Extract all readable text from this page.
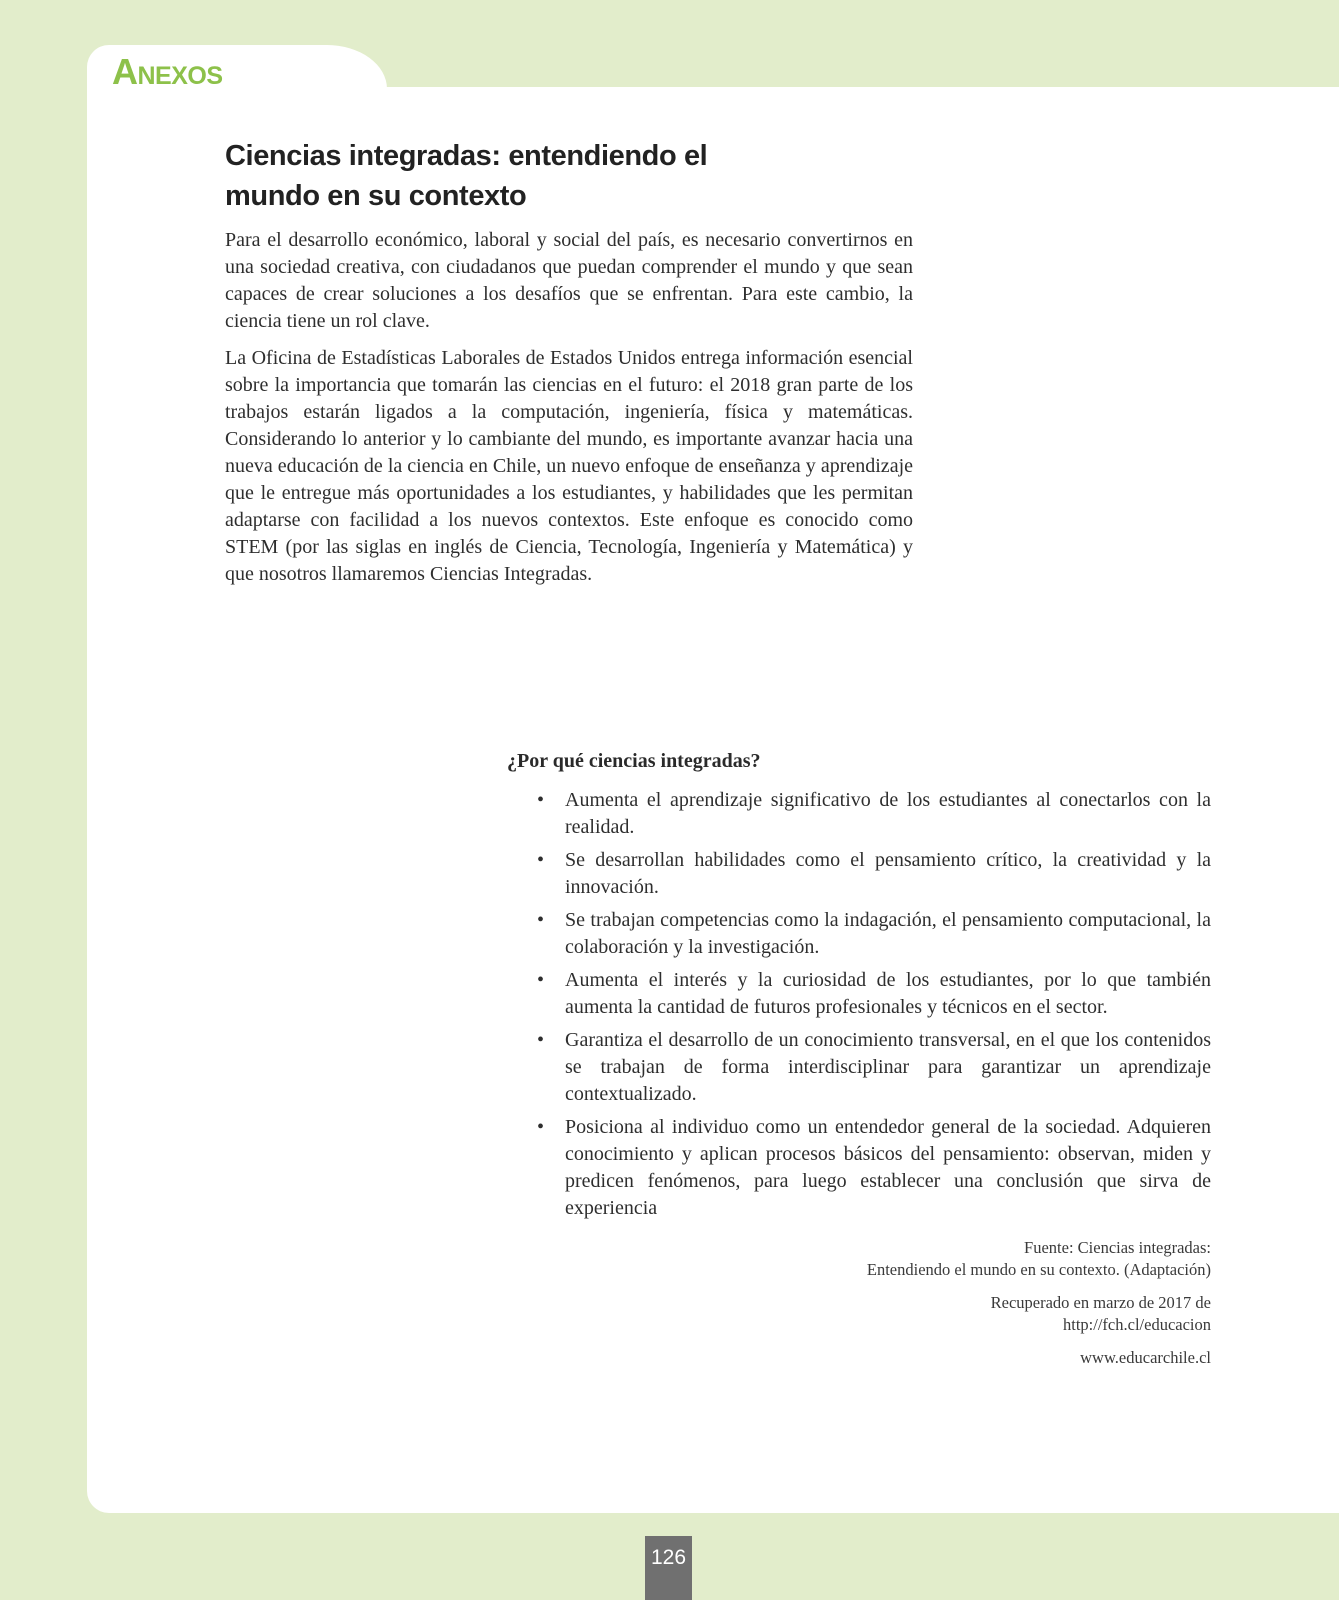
Anexos
Ciencias integradas: entendiendo el
mundo en su contexto

Para el desarrollo económico, laboral y social del país, es necesario convertirnos en una sociedad creativa, con ciudadanos que puedan comprender el mundo y que sean capaces de crear soluciones a los desafíos que se enfrentan. Para este cambio, la ciencia tiene un rol clave.

La Oficina de Estadísticas Laborales de Estados Unidos entrega información esencial sobre la importancia que tomarán las ciencias en el futuro: el 2018 gran parte de los trabajos estarán ligados a la computación, ingeniería, física y matemáticas. Considerando lo anterior y lo cambiante del mundo, es importante avanzar hacia una nueva educación de la ciencia en Chile, un nuevo enfoque de enseñanza y aprendizaje que le entregue más oportunidades a los estudiantes, y habilidades que les permitan adaptarse con facilidad a los nuevos contextos. Este enfoque es conocido como STEM (por las siglas en inglés de Ciencia, Tecnología, Ingeniería y Matemática) y que nosotros llamaremos Ciencias Integradas.

¿Por qué ciencias integradas?

• Aumenta el aprendizaje significativo de los estudiantes al conectarlos con la realidad.
• Se desarrollan habilidades como el pensamiento crítico, la creatividad y la innovación.
• Se trabajan competencias como la indagación, el pensamiento computacional, la colaboración y la investigación.
• Aumenta el interés y la curiosidad de los estudiantes, por lo que también aumenta la cantidad de futuros profesionales y técnicos en el sector.
• Garantiza el desarrollo de un conocimiento transversal, en el que los contenidos se trabajan de forma interdisciplinar para garantizar un aprendizaje contextualizado.
• Posiciona al individuo como un entendedor general de la sociedad. Adquieren conocimiento y aplican procesos básicos del pensamiento: observan, miden y predicen fenómenos, para luego establecer una conclusión que sirva de experiencia
Fuente: Ciencias integradas:
Entendiendo el mundo en su contexto. (Adaptación)
Recuperado en marzo de 2017 de
http://fch.cl/educacion
www.educarchile.cl
126
